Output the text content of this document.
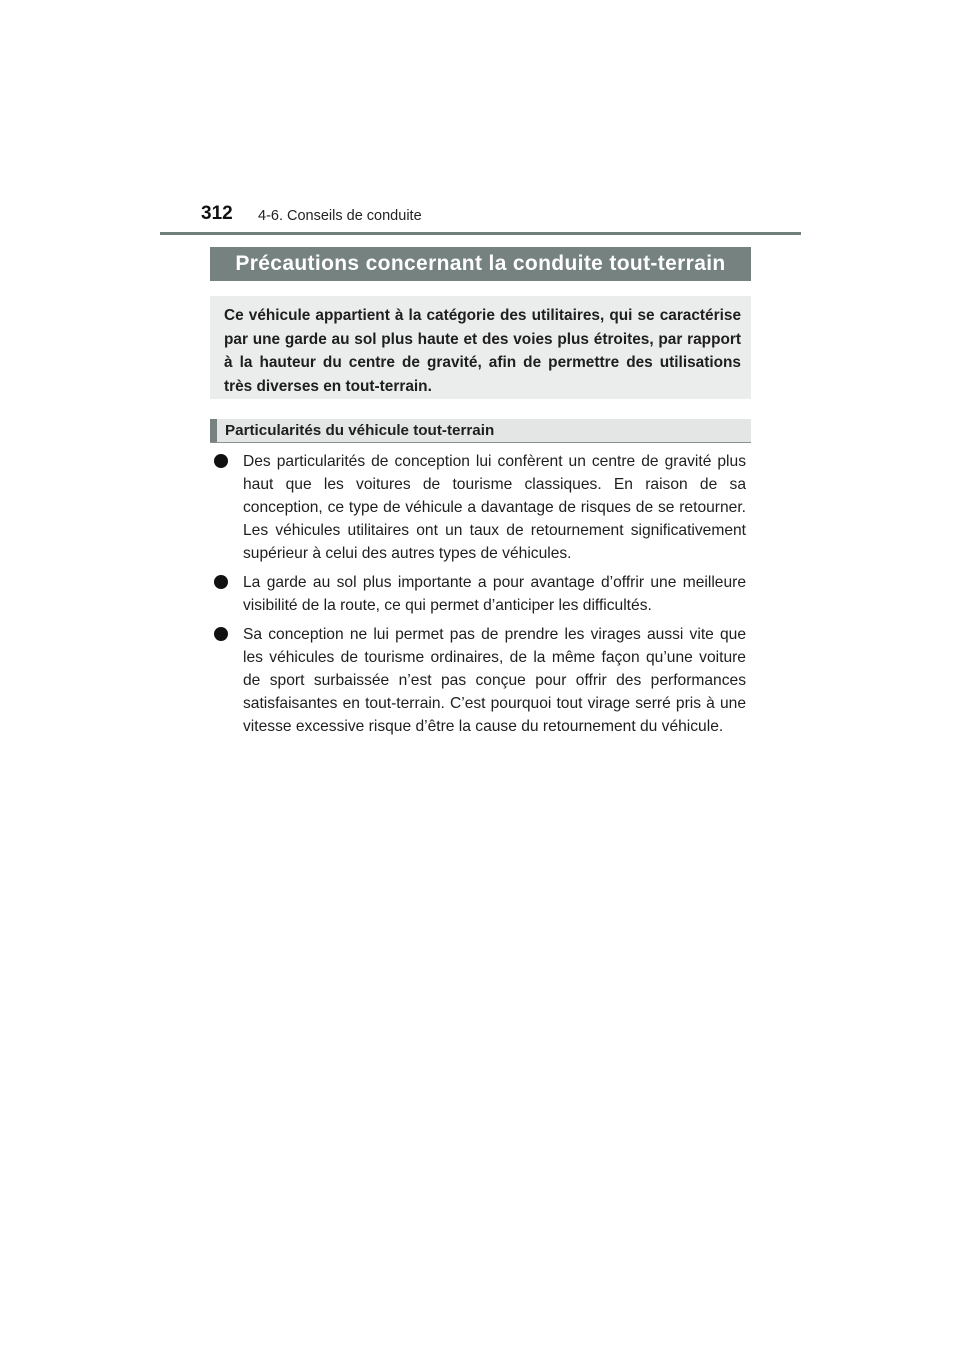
312 4-6. Conseils de conduite
Précautions concernant la conduite tout-terrain

Ce véhicule appartient à la catégorie des utilitaires, qui se caractérise par une garde au sol plus haute et des voies plus étroites, par rapport à la hauteur du centre de gravité, afin de permettre des utilisations très diverses en tout-terrain.

Particularités du véhicule tout-terrain
Des particularités de conception lui confèrent un centre de gravité plus haut que les voitures de tourisme classiques. En raison de sa conception, ce type de véhicule a davantage de risques de se retourner. Les véhicules utilitaires ont un taux de retournement significativement supérieur à celui des autres types de véhicules.
La garde au sol plus importante a pour avantage d’offrir une meilleure visibilité de la route, ce qui permet d’anticiper les difficultés.
Sa conception ne lui permet pas de prendre les virages aussi vite que les véhicules de tourisme ordinaires, de la même façon qu’une voiture de sport surbaissée n’est pas conçue pour offrir des performances satisfaisantes en tout-terrain. C’est pourquoi tout virage serré pris à une vitesse excessive risque d’être la cause du retournement du véhicule.
